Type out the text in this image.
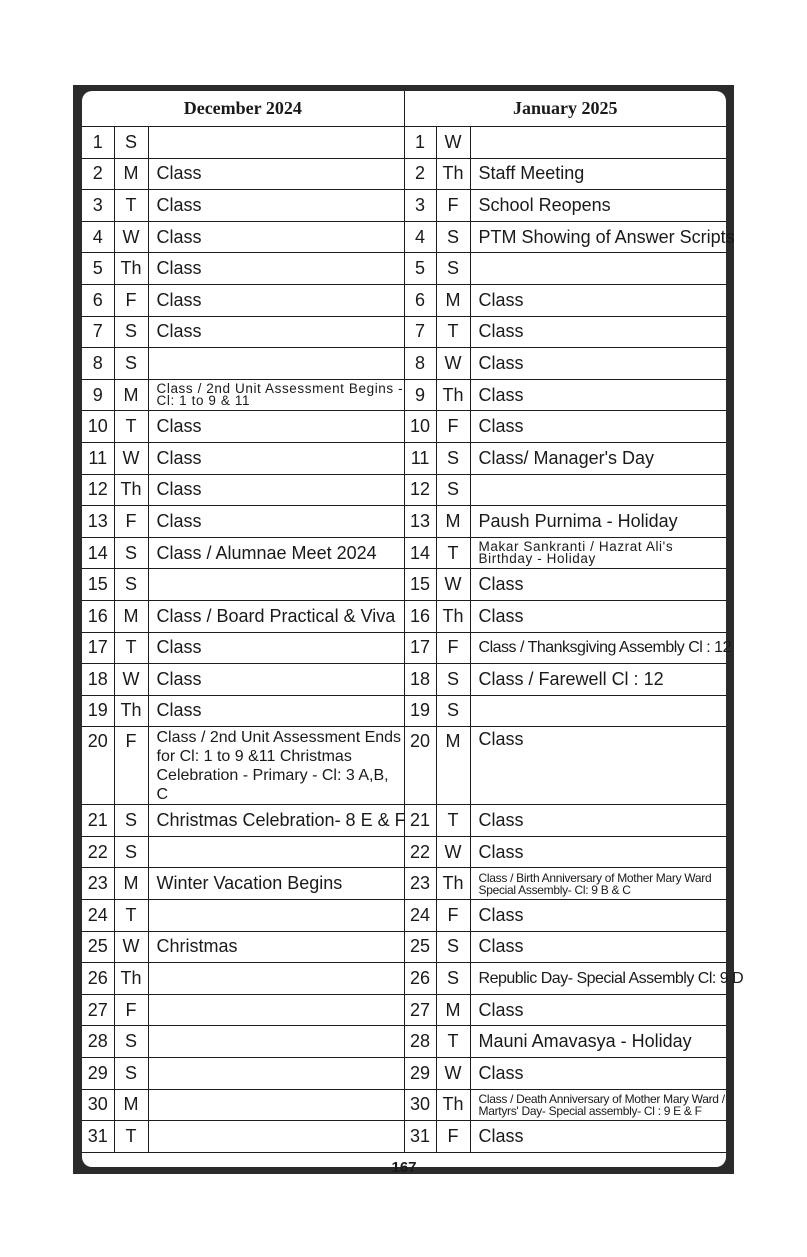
December 2024			January 2025		
1	S		1	W	
2	M	Class	2	Th	Staff Meeting
3	T	Class	3	F	School Reopens
4	W	Class	4	S	PTM Showing of Answer Scripts
5	Th	Class	5	S	
6	F	Class	6	M	Class
7	S	Class	7	T	Class
8	S		8	W	Class
9	M	Class / 2nd Unit Assessment Begins -Cl: 1 to 9 & 11	9	Th	Class
10	T	Class	10	F	Class
11	W	Class	11	S	Class/ Manager's Day
12	Th	Class	12	S	
13	F	Class	13	M	Paush Purnima - Holiday
14	S	Class / Alumnae Meet 2024	14	T	Makar Sankranti / Hazrat Ali's Birthday - Holiday
15	S		15	W	Class
16	M	Class / Board Practical & Viva	16	Th	Class
17	T	Class	17	F	Class / Thanksgiving Assembly Cl : 12
18	W	Class	18	S	Class / Farewell Cl : 12
19	Th	Class	19	S	
20	F	Class / 2nd Unit Assessment Ends for Cl: 1 to 9 &11 Christmas Celebration - Primary - Cl: 3 A,B, C	20	M	Class
21	S	Christmas Celebration- 8 E & F	21	T	Class
22	S		22	W	Class
23	M	Winter Vacation Begins	23	Th	Class / Birth Anniversary of Mother Mary Ward Special Assembly- Cl: 9 B & C
24	T		24	F	Class
25	W	Christmas	25	S	Class
26	Th		26	S	Republic Day- Special Assembly Cl: 9 D
27	F		27	M	Class
28	S		28	T	Mauni Amavasya - Holiday
29	S		29	W	Class
30	M		30	Th	Class / Death Anniversary of Mother Mary Ward / Martyrs' Day- Special assembly- Cl : 9 E & F
31	T		31	F	Class
167					
